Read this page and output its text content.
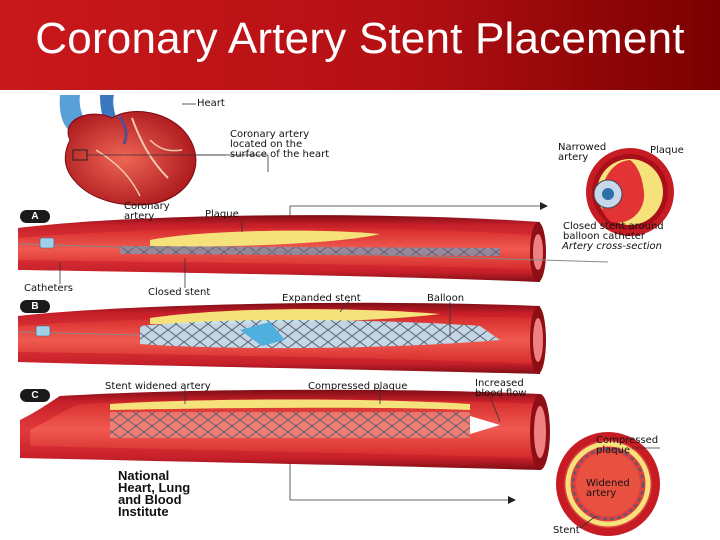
Coronary Artery Stent Placement
A
B
C
Heart
Coronary artery
located on the
surface of the heart
Coronary
artery	Plaque
Narrowed
artery
Plaque
Closed stent around
balloon catheter
Artery cross-section
Catheters	Closed stent
Expanded stent	Balloon
Stent widened artery	Compressed plaque	Increased
blood flow
Compressed
plaque
Widened
artery
Stent
National
Heart, Lung
and Blood
Institute
